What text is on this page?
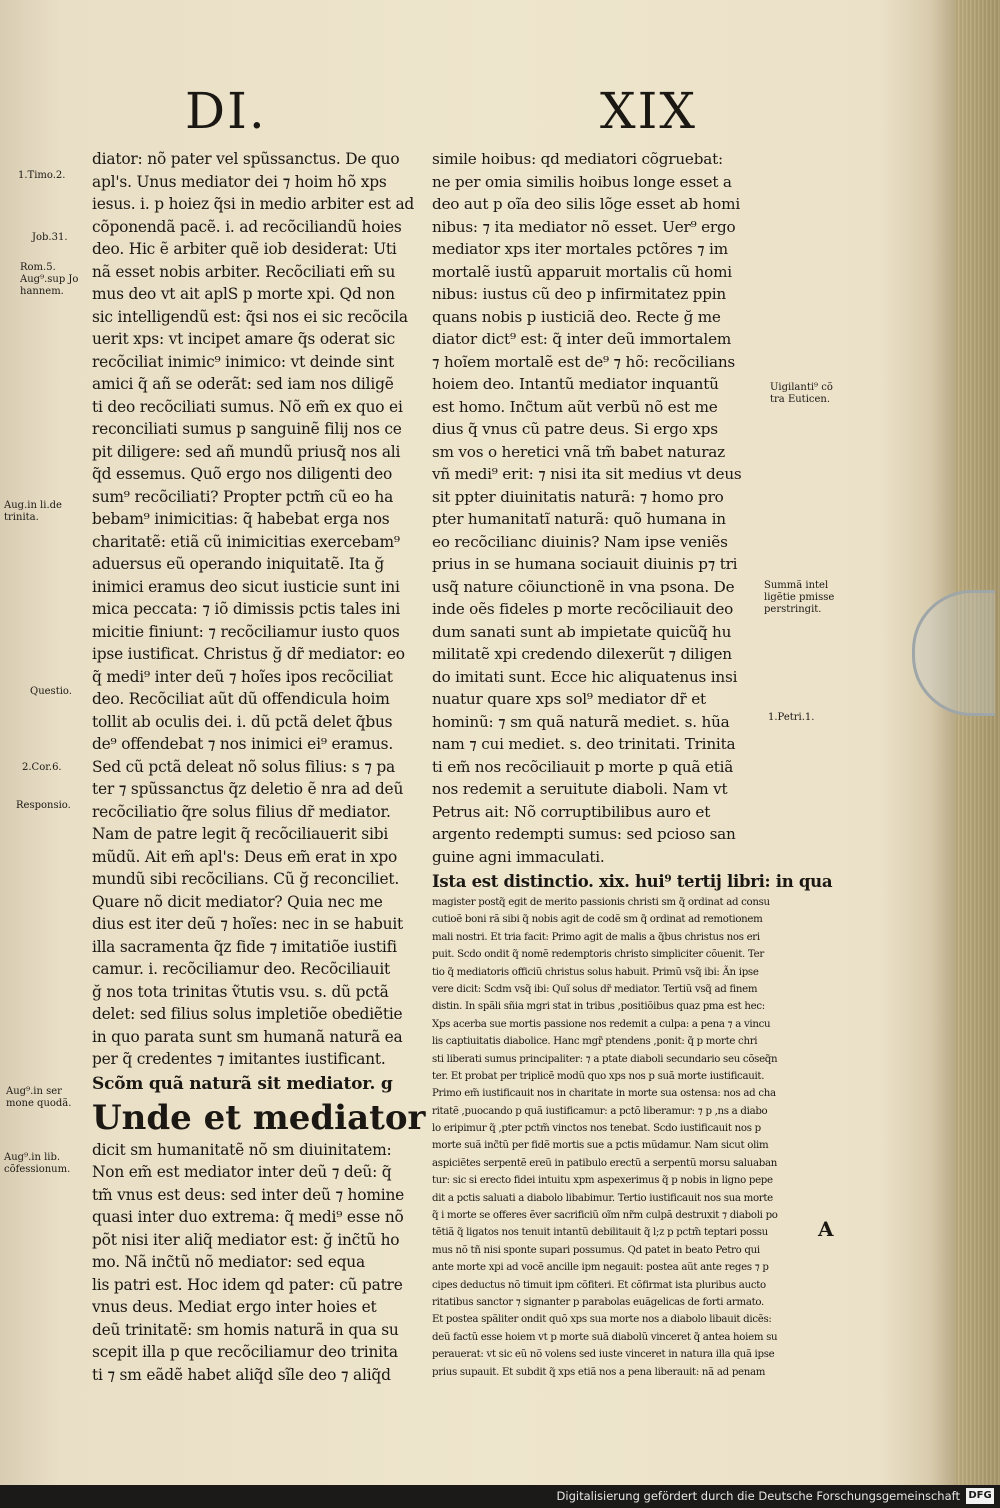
DI.	XIX
diator: nõ pater vel spũssanctus. De quo
apl's. Unus mediator dei ⁊ hoim hõ xps
iesus. i. p hoiez q̃si in medio arbiter est ad
cõponendã pacẽ. i. ad recõciliandũ hoies
deo. Hic ẽ arbiter quẽ iob desiderat: Uti
nã esset nobis arbiter. Recõciliati em̃ su
mus deo vt ait aplS p morte xpi. Qd non
sic intelligendũ est: q̃si nos ei sic recõcila
uerit xps: vt incipet amare q̃s oderat sic
recõciliat inimic⁹ inimico: vt deinde sint
amici q̃ añ se oderãt: sed iam nos diligẽ
ti deo recõciliati sumus. Nõ em̃ ex quo ei
reconciliati sumus p sanguinẽ filij nos ce
pit diligere: sed añ mundũ priusq̃ nos ali
q̃d essemus. Quõ ergo nos diligenti deo
sum⁹ recõciliati? Propter pctm̃ cũ eo ha
bebam⁹ inimicitias: q̃ habebat erga nos
charitatẽ: etiã cũ inimicitias exercebam⁹
aduersus eũ operando iniquitatẽ. Ita ğ
inimici eramus deo sicut iusticie sunt ini
mica peccata: ⁊ iõ dimissis pctis tales ini
micitie finiunt: ⁊ recõciliamur iusto quos
ipse iustificat. Christus ğ dr̃ mediator: eo
q̃ medi⁹ inter deũ ⁊ hoĩes ipos recõciliat
deo. Recõciliat aũt dũ offendicula hoim
tollit ab oculis dei. i. dũ pctã delet q̃bus
de⁹ offendebat ⁊ nos inimici ei⁹ eramus.
Sed cũ pctã deleat nõ solus filius: s ⁊ pa
ter ⁊ spũssanctus q̃z deletio ẽ nra ad deũ
recõciliatio q̃re solus filius dr̃ mediator.
Nam de patre legit q̃ recõciliauerit sibi
mũdũ. Ait em̃ apl's: Deus em̃ erat in xpo
mundũ sibi recõcilians. Cũ ğ reconciliet.
Quare nõ dicit mediator? Quia nec me
dius est iter deũ ⁊ hoĩes: nec in se habuit
illa sacramenta q̃z fide ⁊ imitatiõe iustifi
camur. i. recõciliamur deo. Recõciliauit
ğ nos tota trinitas ṽtutis vsu. s. dũ pctã
delet: sed filius solus impletiõe obediẽtie
in quo parata sunt sm humanã naturã ea
per q̃ credentes ⁊ imitantes iustificant.
Scõm quã naturã sit mediator. g
Unde et mediator
dicit sm humanitatẽ nõ sm diuinitatem:
Non em̃ est mediator inter deũ ⁊ deũ: q̃
tm̃ vnus est deus: sed inter deũ ⁊ homine
quasi inter duo extrema: q̃ medi⁹ esse nõ
põt nisi iter aliq̃ mediator est: ğ inc̃tũ ho
mo. Nã inc̃tũ nõ mediator: sed equa
lis patri est. Hoc idem qd pater: cũ patre
vnus deus. Mediat ergo inter hoies et
deũ trinitatẽ: sm homis naturã in qua su
scepit illa p que recõciliamur deo trinita
ti ⁊ sm eãdẽ habet aliq̃d sĩle deo ⁊ aliq̃d
simile hoibus: qd mediatori cõgruebat:
ne per omia similis hoibus longe esset a
deo aut p oĩa deo silis lõge esset ab homi
nibus: ⁊ ita mediator nõ esset. Uer⁹ ergo
mediator xps iter mortales pctõres ⁊ im
mortalẽ iustũ apparuit mortalis cũ homi
nibus: iustus cũ deo p infirmitatez ppin
quans nobis p iusticiã deo. Recte ğ me
diator dict⁹ est: q̃ inter deũ immortalem
⁊ hoĩem mortalẽ est de⁹ ⁊ hõ: recõcilians
hoiem deo. Intantũ mediator inquantũ
est homo. Inc̃tum aũt verbũ nõ est me
dius q̃ vnus cũ patre deus. Si ergo xps
sm vos o heretici vnã tm̃ babet naturaz
vñ medi⁹ erit: ⁊ nisi ita sit medius vt deus
sit ppter diuinitatis naturã: ⁊ homo pro
pter humanitatĩ naturã: quõ humana in
eo recõcilianc diuinis? Nam ipse veniẽs
prius in se humana sociauit diuinis p⁊ tri
usq̃ nature cõiunctionẽ in vna psona. De
inde oẽs fideles p morte recõciliauit deo
dum sanati sunt ab impietate quicũq̃ hu
militatẽ xpi credendo dilexerũt ⁊ diligen
do imitati sunt. Ecce hic aliquatenus insi
nuatur quare xps sol⁹ mediator dr̃ et
hominũ: ⁊ sm quã naturã mediet. s. hũa
nam ⁊ cui mediet. s. deo trinitati. Trinita
ti em̃ nos recõciliauit p morte p quã etiã
nos redemit a seruitute diaboli. Nam vt
Petrus ait: Nõ corruptibilibus auro et
argento redempti sumus: sed pcioso san
guine agni immaculati.
Ista est distinctio. xix. hui⁹ tertij libri: in qua
magister postq̃ egit de merito passionis christi sm q̃ ordinat ad consu
cutioẽ boni rã sibi q̃ nobis agit de codẽ sm q̃ ordinat ad remotionem
mali nostri. Et tria facit: Primo agit de malis a q̃bus christus nos eri
puit. Scdo ondit q̃ nomẽ redemptoris christo simpliciter cõuenit. Ter
tio q̃ mediatoris officiũ christus solus habuit. Primũ vsq̃ ibi: Ãn ipse
vere dicit: Scdm vsq̃ ibi: Quĩ solus dr̃ mediator. Tertiũ vsq̃ ad finem
distin. In spãli sñia mgri stat in tribus ,positiõibus quaz pma est hec:
Xps acerba sue mortis passione nos redemit a culpa: a pena ⁊ a vincu
lis captiuitatis diabolice. Hanc mgr̃ ptendens ,ponit: q̃ p morte chri
sti liberati sumus principaliter: ⁊ a ptate diaboli secundario seu cõseq̃n
ter. Et probat per triplicẽ modũ quo xps nos p suã morte iustificauit.
Primo em̃ iustificauit nos in charitate in morte sua ostensa: nos ad cha
ritatẽ ,puocando p quã iustificamur: a pctõ liberamur: ⁊ p ,ns a diabo
lo eripimur q̃ ,pter pctm̃ vinctos nos tenebat. Scdo iustificauit nos p
morte suã inc̃tũ per fidẽ mortis sue a pctis mũdamur. Nam sicut olim
aspiciẽtes serpentẽ ereũ in patibulo erectũ a serpentũ morsu saluaban
tur: sic si erecto fidei intuitu xpm aspexerimus q̃ p nobis in ligno pepe
dit a pctis saluati a diabolo libabimur. Tertio iustificauit nos sua morte
q̃ i morte se offeres ẽver sacrificiũ oĩm nr̃m culpã destruxit ⁊ diaboli po
tẽtiã q̃ ligatos nos tenuit intantũ debilitauit q̃ l;z p pctm̃ teptari possu
mus nõ tñ nisi sponte supari possumus. Qd patet in beato Petro qui
ante morte xpi ad vocẽ ancille ipm negauit: postea aũt ante reges ⁊ p
cipes deductus nõ timuit ipm cõfiteri. Et cõfirmat ista pluribus aucto
ritatibus sanctor ⁊ signanter p parabolas euãgelicas de forti armato.
Et postea spãliter ondit quõ xps sua morte nos a diabolo libauit dicẽs:
deũ factũ esse hoiem vt p morte suã diabolũ vinceret q̃ antea hoiem su
perauerat: vt sic eũ nõ volens sed iuste vinceret in natura illa quã ipse
prius supauit. Et subdit q̃ xps etiã nos a pena liberauit: nã ad penam
1.Timo.2.
Job.31.
Rom.5.
Aug⁹.sup Jo
hannem.
Aug.in li.de
trinita.
Questio.
2.Cor.6.
Responsio.
Aug⁹.in ser
mone quodã.
Aug⁹.in lib.
cõfessionum.
Uigilanti⁹ cõ
tra Euticen.
Summã intel
ligẽtie pmisse
perstringit.
1.Petri.1.
A
Digitalisierung gefördert durch die Deutsche Forschungsgemeinschaft DFG
